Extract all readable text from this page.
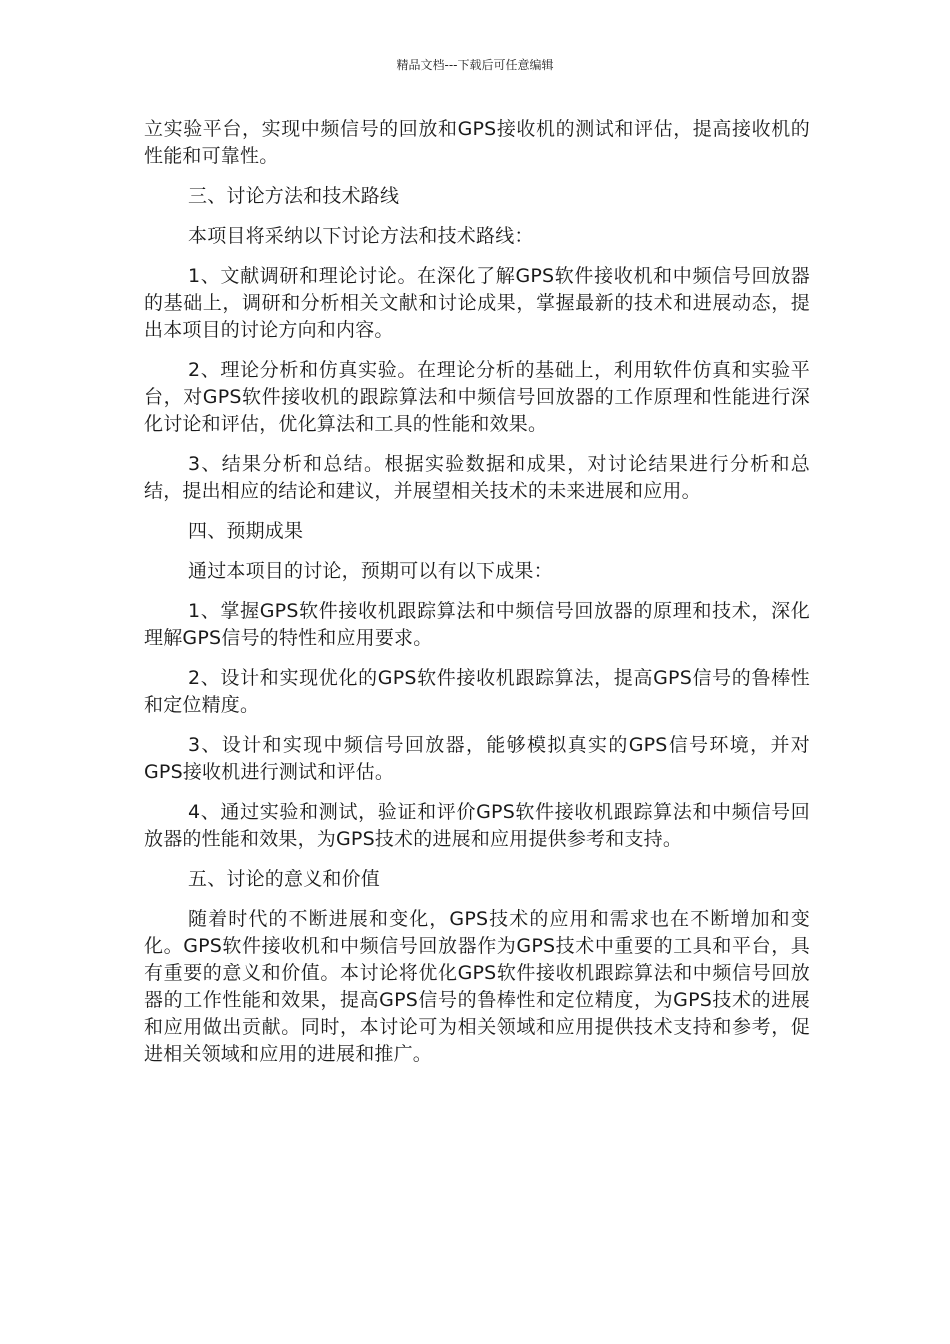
精品文档---下载后可任意编辑

立实验平台，实现中频信号的回放和GPS接收机的测试和评估，提高接收机的性能和可靠性。

三、讨论方法和技术路线

本项目将采纳以下讨论方法和技术路线：

1、文献调研和理论讨论。在深化了解GPS软件接收机和中频信号回放器的基础上，调研和分析相关文献和讨论成果，掌握最新的技术和进展动态，提出本项目的讨论方向和内容。

2、理论分析和仿真实验。在理论分析的基础上，利用软件仿真和实验平台，对GPS软件接收机的跟踪算法和中频信号回放器的工作原理和性能进行深化讨论和评估，优化算法和工具的性能和效果。

3、结果分析和总结。根据实验数据和成果，对讨论结果进行分析和总结，提出相应的结论和建议，并展望相关技术的未来进展和应用。

四、预期成果

通过本项目的讨论，预期可以有以下成果：

1、掌握GPS软件接收机跟踪算法和中频信号回放器的原理和技术，深化理解GPS信号的特性和应用要求。

2、设计和实现优化的GPS软件接收机跟踪算法，提高GPS信号的鲁棒性和定位精度。

3、设计和实现中频信号回放器，能够模拟真实的GPS信号环境，并对GPS接收机进行测试和评估。

4、通过实验和测试，验证和评价GPS软件接收机跟踪算法和中频信号回放器的性能和效果，为GPS技术的进展和应用提供参考和支持。

五、讨论的意义和价值

随着时代的不断进展和变化，GPS技术的应用和需求也在不断增加和变化。GPS软件接收机和中频信号回放器作为GPS技术中重要的工具和平台，具有重要的意义和价值。本讨论将优化GPS软件接收机跟踪算法和中频信号回放器的工作性能和效果，提高GPS信号的鲁棒性和定位精度，为GPS技术的进展和应用做出贡献。同时，本讨论可为相关领域和应用提供技术支持和参考，促进相关领域和应用的进展和推广。
